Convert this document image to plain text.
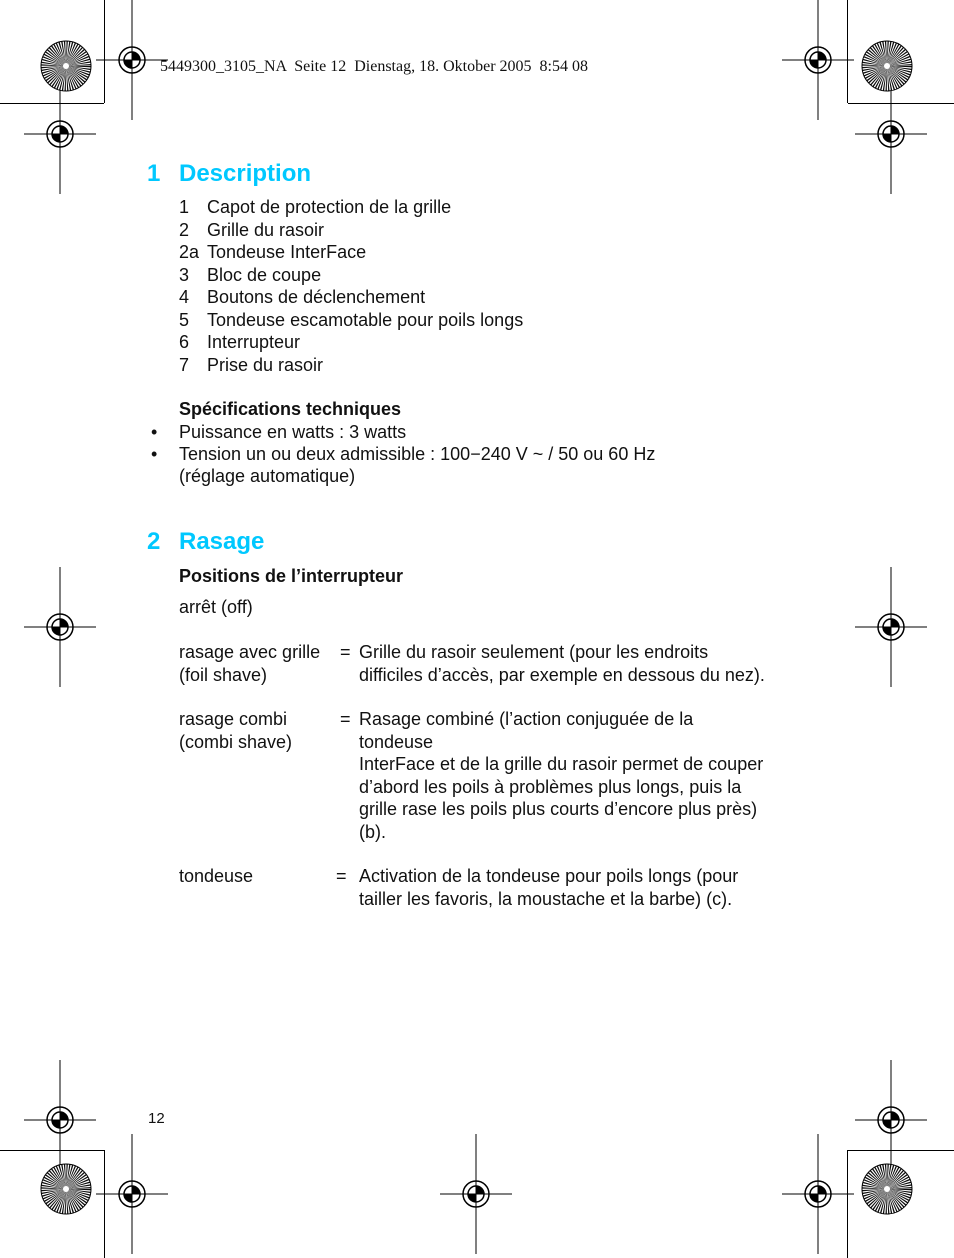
5449300_3105_NA  Seite 12  Dienstag, 18. Oktober 2005  8:54 08
1 Description
1 Capot de protection de la grille
2 Grille du rasoir
2a Tondeuse InterFace
3 Bloc de coupe
4 Boutons de déclenchement
5 Tondeuse escamotable pour poils longs
6 Interrupteur
7 Prise du rasoir
Spécifications techniques
• Puissance en watts : 3 watts
• Tension un ou deux admissible : 100−240 V ~ / 50 ou 60 Hz
(réglage automatique)
2 Rasage
Positions de l’interrupteur
arrêt (off)
rasage avec grille
(foil shave)
= Grille du rasoir seulement (pour les endroits
difficiles d’accès, par exemple en dessous du nez).
rasage combi
(combi shave)
= Rasage combiné (l’action conjuguée de la
tondeuse
InterFace et de la grille du rasoir permet de couper
d’abord les poils à problèmes plus longs, puis la
grille rase les poils plus courts d’encore plus près)
(b).
tondeuse	= Activation de la tondeuse pour poils longs (pour
tailler les favoris, la moustache et la barbe) (c).
12
